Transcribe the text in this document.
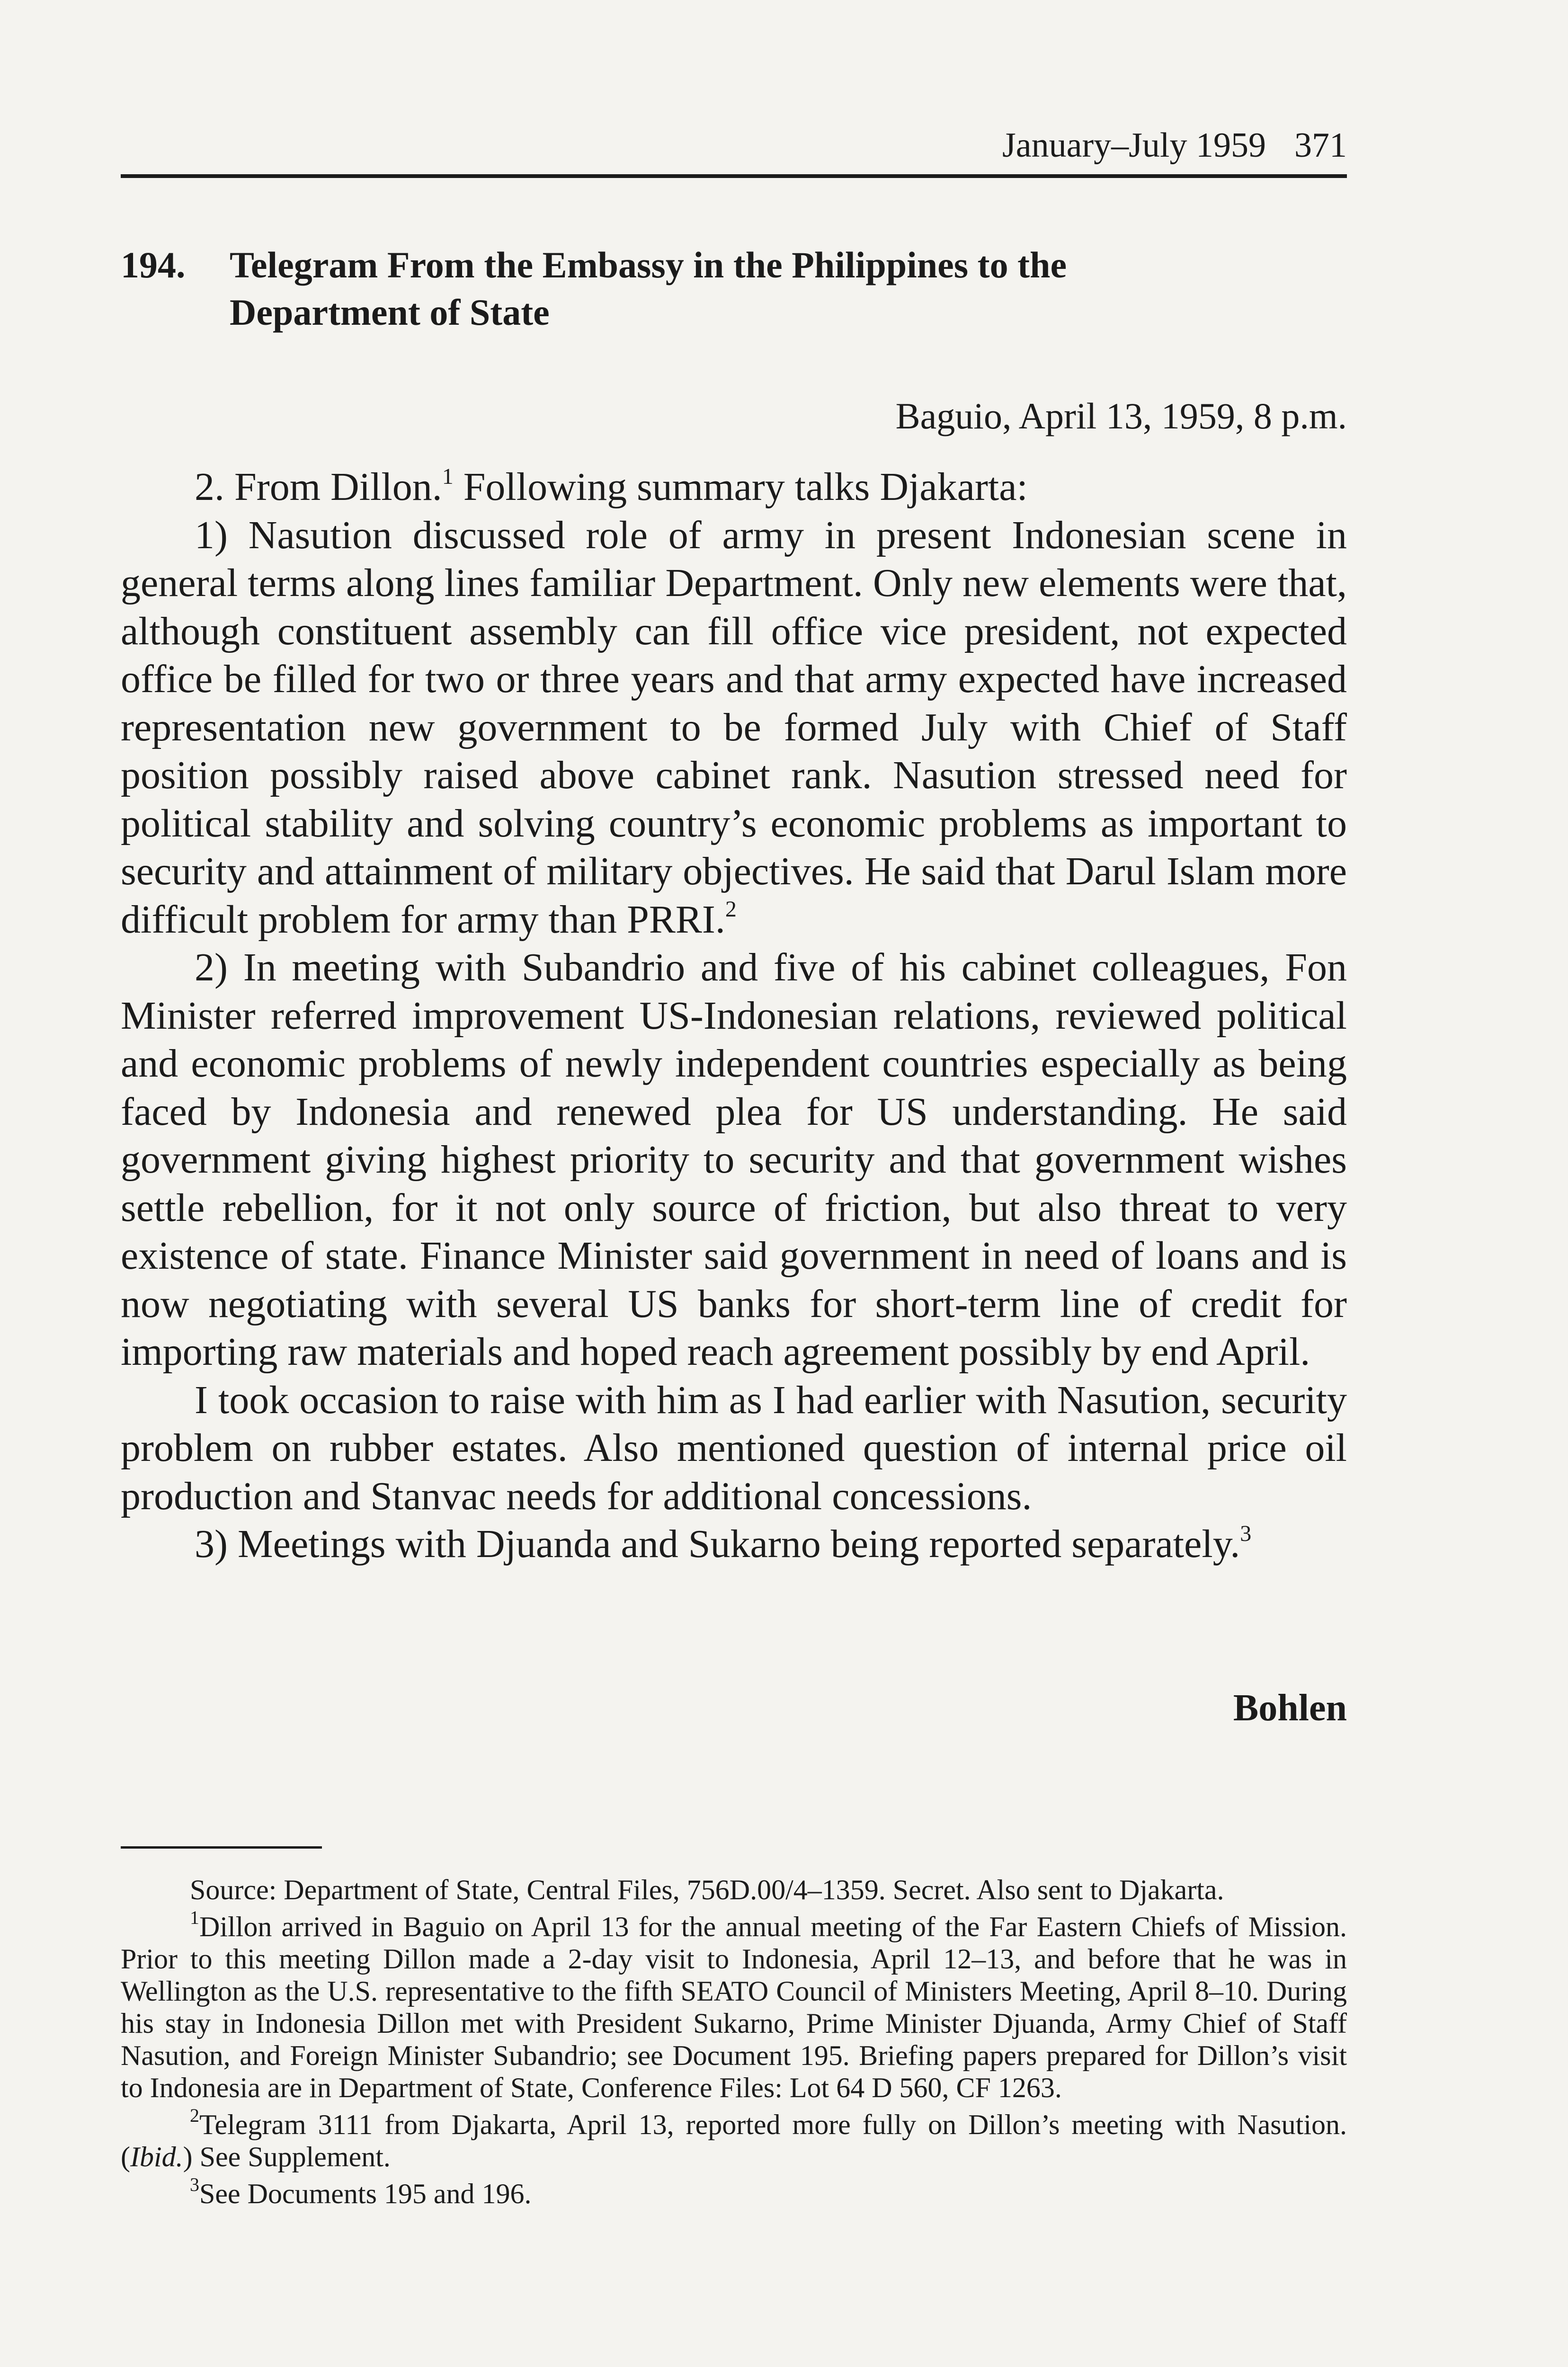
January–July 1959 371
194. Telegram From the Embassy in the Philippines to the
Department of State
Baguio, April 13, 1959, 8 p.m.

2. From Dillon.$^1$ Following summary talks Djakarta:

1) Nasution discussed role of army in present Indonesian scene in general terms along lines familiar Department. Only new elements were that, although constituent assembly can fill office vice president, not expected office be filled for two or three years and that army expected have increased representation new government to be formed July with Chief of Staff position possibly raised above cabinet rank. Nasution stressed need for political stability and solving country’s economic problems as important to security and attainment of military objectives. He said that Darul Islam more difficult problem for army than PRRI.$^2$

2) In meeting with Subandrio and five of his cabinet colleagues, Fon Minister referred improvement US-Indonesian relations, reviewed political and economic problems of newly independent countries especially as being faced by Indonesia and renewed plea for US understanding. He said government giving highest priority to security and that government wishes settle rebellion, for it not only source of friction, but also threat to very existence of state. Finance Minister said government in need of loans and is now negotiating with several US banks for short-term line of credit for importing raw materials and hoped reach agreement possibly by end April.

I took occasion to raise with him as I had earlier with Nasution, security problem on rubber estates. Also mentioned question of internal price oil production and Stanvac needs for additional concessions.

3) Meetings with Djuanda and Sukarno being reported separately.$^3$

Bohlen

Source: Department of State, Central Files, 756D.00/4–1359. Secret. Also sent to Djakarta.

$^1$Dillon arrived in Baguio on April 13 for the annual meeting of the Far Eastern Chiefs of Mission. Prior to this meeting Dillon made a 2-day visit to Indonesia, April 12–13, and before that he was in Wellington as the U.S. representative to the fifth SEATO Council of Ministers Meeting, April 8–10. During his stay in Indonesia Dillon met with President Sukarno, Prime Minister Djuanda, Army Chief of Staff Nasution, and Foreign Minister Subandrio; see Document 195. Briefing papers prepared for Dillon’s visit to Indonesia are in Department of State, Conference Files: Lot 64 D 560, CF 1263.

$^2$Telegram 3111 from Djakarta, April 13, reported more fully on Dillon’s meeting with Nasution. (Ibid.) See Supplement.

$^3$See Documents 195 and 196.
